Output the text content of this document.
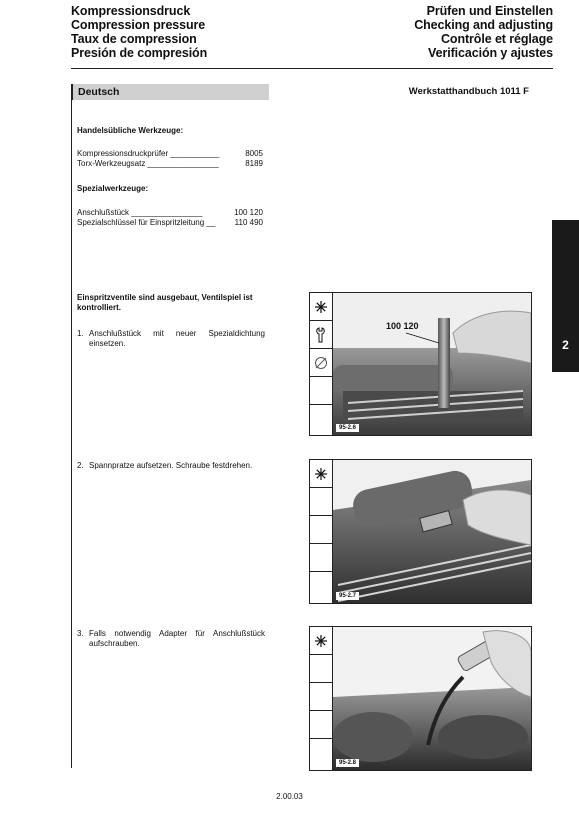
Kompressionsdruck
Compression pressure
Taux de compression
Presión de compresión
Prüfen und Einstellen
Checking and adjusting
Contrôle et réglage
Verificación y ajustes
Deutsch	Werkstatthandbuch 1011 F
Handelsübliche Werkzeuge:
Kompressionsdruckprüfer ___________	8005
Torx-Werkzeugsatz ________________	8189
Spezialwerkzeuge:
Anschlußstück ________________	100 120
Spezialschlüssel für Einspritzleitung __ 110 490
Einspritzventile sind ausgebaut, Ventilspiel ist kontrolliert.
1. Anschlußstück mit neuer Spezialdichtung einsetzen.
2. Spannpratze aufsetzen. Schraube festdrehen.
3. Falls notwendig Adapter für Anschlußstück aufschrauben.
100 120
95-2.6
95-2.7
95-2.8
2
2.00.03
